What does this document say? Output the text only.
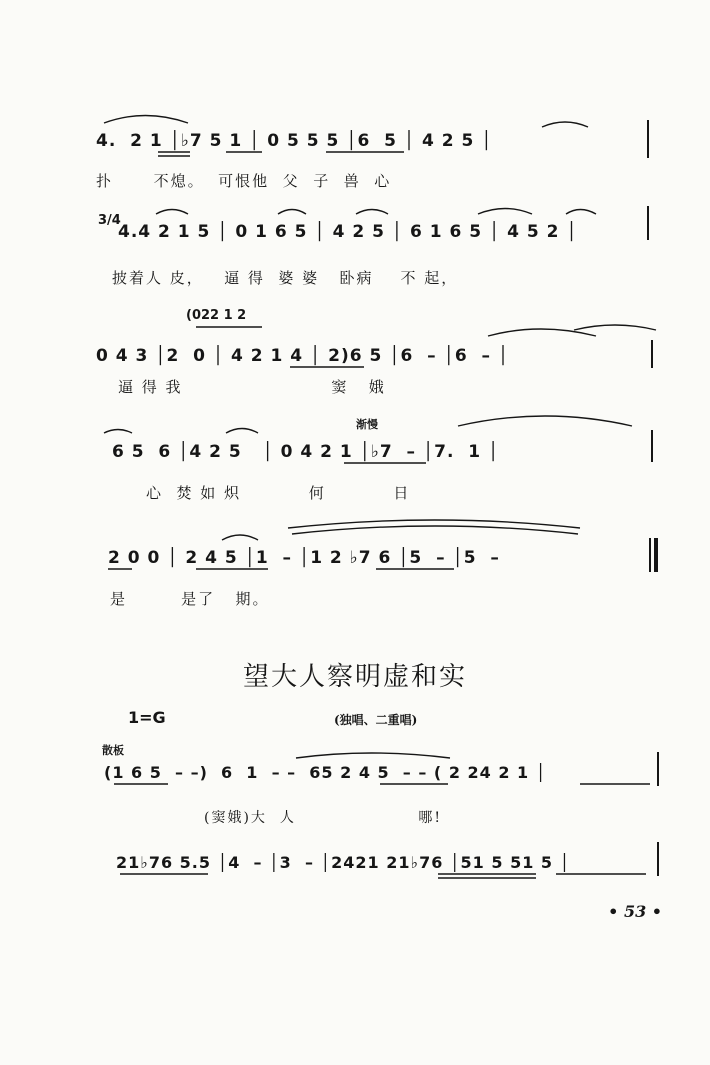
4.  2 1 │♭7 5 1 │ 0 5 5 5 │6  5 │ 4 2 5 │
扑      不熄。  可恨他  父  子  兽  心
3/4
4.4 2 1 5 │ 0 1 6 5 │ 4 2 5 │ 6 1 6 5 │ 4 5 2 │
披着人 皮，   逼 得  婆 婆   卧病    不 起，
(022 1 2
0 4 3 │2  0 │ 4 2 1 4 │ 2)6 5 │6  – │6  – │
逼 得 我                      窦   娥
渐慢
6 5  6 │4 2 5   │ 0 4 2 1 │♭7  – │7.  1 │
心  焚 如 炽          何          日
2 0 0 │ 2 4 5 │1  – │1 2 ♭7 6 │5  – │5  –
是        是了   期。
望大人察明虚和实
1=G	(独唱、二重唱)
散板
(1 6 5  – –)  6  1  – –  65 2 4 5  – – ( 2 24 2 1 │
(窦娥)大  人                   哪!
21♭76 5.5 │4  – │3  – │2421 21♭76 │51 5 51 5 │
• 53 •
